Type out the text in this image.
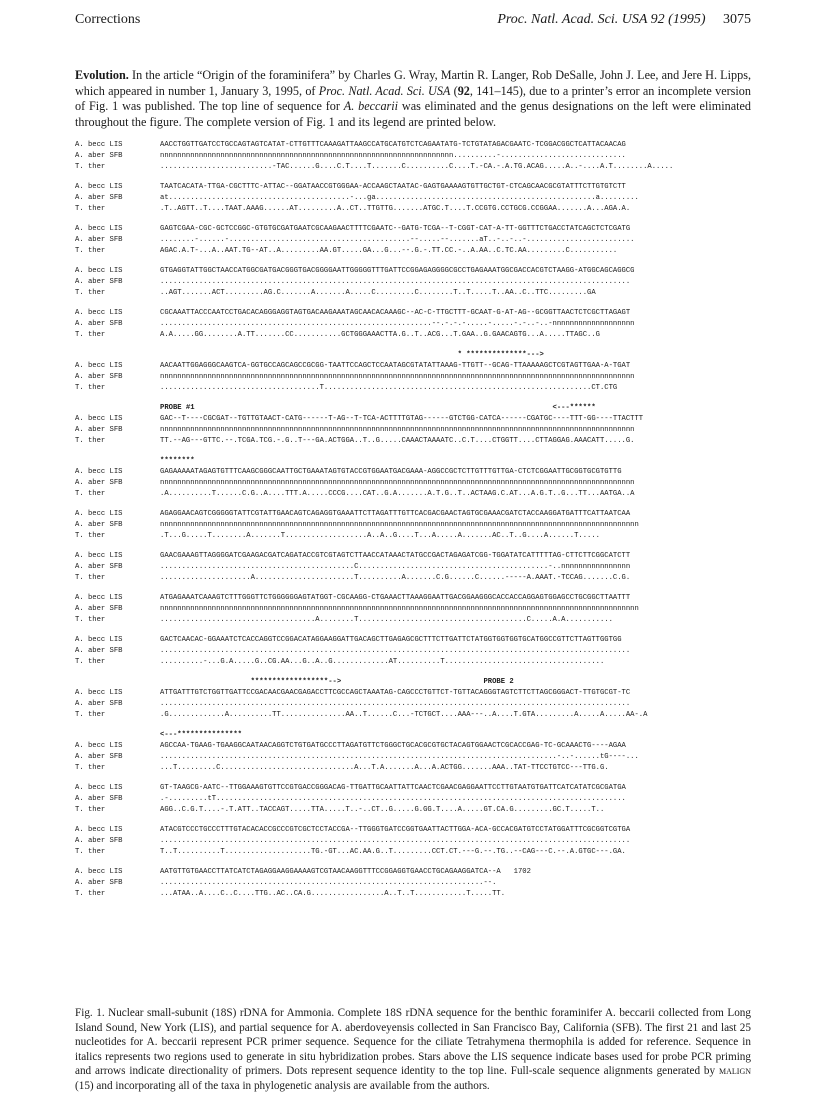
Corrections	Proc. Natl. Acad. Sci. USA 92 (1995) 3075
Evolution. In the article “Origin of the foraminifera” by Charles G. Wray, Martin R. Langer, Rob DeSalle, John J. Lee, and Jere H. Lipps, which appeared in number 1, January 3, 1995, of Proc. Natl. Acad. Sci. USA (92, 141–145), due to a printer’s error an incomplete version of Fig. 1 was published. The top line of sequence for A. beccarii was eliminated and the genus designations on the left were eliminated throughout the figure. The complete version of Fig. 1 and its legend are printed below.
A. becc LIS	AACCTGGTTGATCCTGCCAGTAGTCATAT-CTTGTTTCAAAGATTAAGCCATGCATGTCTCAGAATATG-TCTGTATAGACGAATC-TCGGACGGCTCATTACAACAG
A. aber SFB	nnnnnnnnnnnnnnnnnnnnnnnnnnnnnnnnnnnnnnnnnnnnnnnnnnnnnnnnnnnnnnnnnnnn..........-.............................
T. ther	..........................-TAC......G....C.T....T.......C..........C....T.-CA.-.A.TG.ACAG.....A..-....A.T........A.....
A. becc LIS	TAATCACATA-TTGA-CGCTTTC-ATTAC--GGATAACCGTGGGAA-ACCAAGCTAATAC-GAGTGAAAAGTGTTGCTGT-CTCAGCAACGCGTATTTCTTGTGTCTT
A. aber SFB	at..........................................-...ga...................................................a.........
T. ther	.T..AGTT..T....TAAT.AAAG......AT.........A..CT..TTGTTG.......ATGC.T....T.CCGTG.CCTGCG.CCGGAA.......A...AGA.A.
A. becc LIS	GAGTCGAA-CGC-GCTCCGGC-GTGTGCGATGAATCGCAAGAACTTTTCGAATC--GATG-TCGA--T-CGGT-CAT-A-TT-GGTTTCTGACCTATCAGCTCTCGATG
A. aber SFB	........-......-..........................................--.....--.......aT..-..-..-.........................
T. ther	AGAC.A.T-...A..AAT.TG--AT..A.........AA.GT.....GA...G...--.G.-.TT.CC.-..A.AA..C.TC.AA.........C...........
A. becc LIS	GTGAGGTATTGGCTAACCATGGCGATGACGGGTGACGGGGAATTGGGGGTTTGATTCCGGAGAGGGGCGCCTGAGAAATGGCGACCACGTCTAAGG-ATGGCAGCAGGCG
A. aber SFB	.............................................................................................................
T. ther	..AGT.......ACT.........AG.C.......A.......A.....C.........C........T..T.....T..AA..C..TTC.........GA
A. becc LIS	CGCAAATTACCCAATCCTGACACAGGGAGGTAGTGACAAGAAATAGCAACACAAAGC--AC-C-TTGCTTT-GCAAT-G-AT-AG--GCGGTTAACTCTCGCTTAGAGT
A. aber SFB	...............................................................--.-.-.-.....-.....-.-..-..-nnnnnnnnnnnnnnnnnnn
T. ther	A.A.....GG........A.TT.......CC...........GCTGGGAAACTTA.G..T..ACG...T.GAA..G.GAACAGTG...A.....TTAGC..G
* **************--->
A. becc LIS	AACAATTGGAGGGCAAGTCA-GGTGCCAGCAGCCGCGG-TAATTCCAGCTCCAATAGCGTATATTAAAG-TTGTT--GCAG-TTAAAAAGCTCGTAGTTGAA-A-TGAT
A. aber SFB	nnnnnnnnnnnnnnnnnnnnnnnnnnnnnnnnnnnnnnnnnnnnnnnnnnnnnnnnnnnnnnnnnnnnnnnnnnnnnnnnnnnnnnnnnnnnnnnnnnnnnnnnnnnnnn
T. ther	.....................................T..............................................................CT.CTG
PROBE #1                                                                                   <---******
A. becc LIS	GAC--T----CGCGAT--TGTTGTAACT-CATG------T-AG--T-TCA-ACTTTTGTAG------GTCTGG-CATCA------CGATGC----TTT-GG----TTACTTT
A. aber SFB	nnnnnnnnnnnnnnnnnnnnnnnnnnnnnnnnnnnnnnnnnnnnnnnnnnnnnnnnnnnnnnnnnnnnnnnnnnnnnnnnnnnnnnnnnnnnnnnnnnnnnnnnnnnnnn
T. ther	TT.--AG---GTTC.--.TCGA.TCG.-.G..T---GA.ACTGGA..T..G.....CAAACTAAAATC..C.T....CTGGTT....CTTAGGAG.AAACATT.....G.
********
A. becc LIS	GAGAAAAATAGAGTGTTTCAAGCGGGCAATTGCTGAAATAGTGTACCGTGGAATGACGAAA-AGGCCGCTCTTGTTTGTTGA-CTCTCGGAATTGCGGTGCGTGTTG
A. aber SFB	nnnnnnnnnnnnnnnnnnnnnnnnnnnnnnnnnnnnnnnnnnnnnnnnnnnnnnnnnnnnnnnnnnnnnnnnnnnnnnnnnnnnnnnnnnnnnnnnnnnnnnnnnnnnnn
T. ther	.A..........T......C.G..A....TTT.A.....CCCG....CAT..G.A.......A.T.G..T..ACTAAG.C.AT...A.G.T..G...TT...AATGA..A
A. becc LIS	AGAGGAACAGTCGGGGGTATTCGTATTGAACAGTCAGAGGTGAAATTCTTAGATTTGTTCACGACGAACTAGTGCGAAACGATCTACCAAGGATGATTTCATTAATCAA
A. aber SFB	nnnnnnnnnnnnnnnnnnnnnnnnnnnnnnnnnnnnnnnnnnnnnnnnnnnnnnnnnnnnnnnnnnnnnnnnnnnnnnnnnnnnnnnnnnnnnnnnnnnnnnnnnnnnnnn
T. ther	.T...G.....T........A.......T...................A..A..G....T...A.....A.......AC..T..G....A......T.....
A. becc LIS	GAACGAAAGTTAGGGGATCGAAGACGATCAGATACCGTCGTAGTCTTAACCATAAACTATGCCGACTAGAGATCGG-TGGATATCATTTTTAG-CTTCTTCGGCATCTT
A. aber SFB	.............................................C............................................-..nnnnnnnnnnnnnnnn
T. ther	.....................A.......................T..........A.......C.G......C......-----A.AAAT.-TCCAG.......C.G.
A. becc LIS	ATGAGAAATCAAAGTCTTTGGGTTCTGGGGGGAGTATGGT-CGCAAGG-CTGAAACTTAAAGGAATTGACGGAAGGGCACCACCAGGAGTGGAGCCTGCGGCTTAATTT
A. aber SFB	nnnnnnnnnnnnnnnnnnnnnnnnnnnnnnnnnnnnnnnnnnnnnnnnnnnnnnnnnnnnnnnnnnnnnnnnnnnnnnnnnnnnnnnnnnnnnnnnnnnnnnnnnnnnnnn
T. ther	....................................A........T.......................................C.....A.A...........
A. becc LIS	GACTCAACAC-GGAAATCTCACCAGGTCCGGACATAGGAAGGATTGACAGCTTGAGAGCGCTTTCTTGATTCTATGGTGGTGGTGCATGGCCGTTCTTAGTTGGTGG
A. aber SFB	.............................................................................................................
T. ther	..........-...G.A.....G..CG.AA...G..A..G.............AT..........T.....................................
******************-->                                 PROBE 2
A. becc LIS	ATTGATTTGTCTGGTTGATTCCGACAACGAACGAGACCTTCGCCAGCTAAATAG-CAGCCCTGTTCT-TGTTACAGGGTAGTCTTCTTAGCGGGACT-TTGTGCGT-TC
A. aber SFB	.............................................................................................................
T. ther	.G.............A..........TT...............AA..T......C...-TCTGCT....AAA---..A....T.GTA.........A.....A.....AA-.A
<---***************
A. becc LIS	AGCCAA-TGAAG-TGAAGGCAATAACAGGTCTGTGATGCCCTTAGATGTTCTGGGCTGCACGCGTGCTACAGTGGAACTCGCACCGAG-TC-GCAAACTG----AGAA
A. aber SFB	............................................................................................-..-......tG----...
T. ther	...T.........C...............................A...T.A.......A...A.ACTGG.......AAA..TAT-TTCCTGTCC---TTG.G.
A. becc LIS	GT-TAAGCG-AATC--TTGGAAAGTGTTCCGTGACCGGGACAG-TTGATTGCAATTATTCAACTCGAACGAGGAATTCCTTGTAATGTGATTCATCATATCGCGATGA
A. aber SFB	.-.........tT...............................................................................................
T. ther	AGG..C.G.T....-.T.ATT..TACCAGT.....TTA.....T..-..CT..G.....G.GG.T....A.....GT.CA.G.........GC.T.....T..
A. becc LIS	ATACGTCCCTGCCCTTTGTACACACCGCCCGTCGCTCCTACCGA--TTGGGTGATCCGGTGAATTACTTGGA-ACA-GCCACGATGTCCTATGGATTTCGCGGTCGTGA
A. aber SFB	.............................................................................................................
T. ther	T..T..........T....................TG.-GT...AC.AA.G..T.........CCT.CT.---G.--.TG..--CAG---C.--.A.GTGC---.GA.
A. becc LIS	AATGTTGTGAACCTTATCATCTAGAGGAAGGAAAAGTCGTAACAAGGTTTCCGGAGGTGAACCTGCAGAAGGATCA--A   1702
A. aber SFB	...........................................................................--.
T. ther	...ATAA..A....C..C....TTG..AC..CA.G.................A..T..T............T.....TT.
Fig. 1. Nuclear small-subunit (18S) rDNA for Ammonia. Complete 18S rDNA sequence for the benthic foraminifer A. beccarii collected from Long Island Sound, New York (LIS), and partial sequence for A. aberdoveyensis collected in San Francisco Bay, California (SFB). The first 21 and last 25 nucleotides for A. beccarii represent PCR primer sequence. Sequence for the ciliate Tetrahymena thermophila is added for reference. Sequence in italics represents two regions used to generate in situ hybridization probes. Stars above the LIS sequence indicate bases used for probe PCR priming and arrows indicate directionality of primers. Dots represent sequence identity to the top line. Full-scale sequence alignments generated by malign (15) and incorporating all of the taxa in phylogenetic analysis are available from the authors.
